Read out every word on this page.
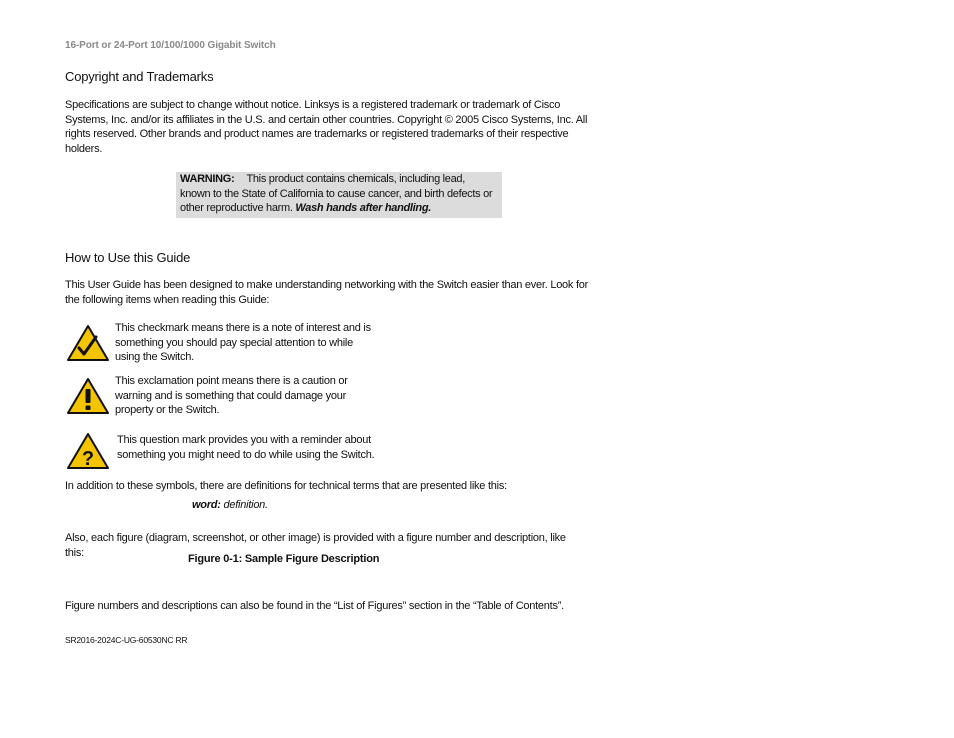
16-Port or 24-Port 10/100/1000 Gigabit Switch
Copyright and Trademarks
Specifications are subject to change without notice. Linksys is a registered trademark or trademark of Cisco Systems, Inc. and/or its affiliates in the U.S. and certain other countries. Copyright © 2005 Cisco Systems, Inc. All rights reserved. Other brands and product names are trademarks or registered trademarks of their respective holders.
WARNING: This product contains chemicals, including lead, known to the State of California to cause cancer, and birth defects or other reproductive harm. Wash hands after handling.
How to Use this Guide
This User Guide has been designed to make understanding networking with the Switch easier than ever. Look for the following items when reading this Guide:
This checkmark means there is a note of interest and is something you should pay special attention to while using the Switch.
This exclamation point means there is a caution or warning and is something that could damage your property or the Switch.
?
This question mark provides you with a reminder about something you might need to do while using the Switch.
In addition to these symbols, there are definitions for technical terms that are presented like this:
word: definition.
Also, each figure (diagram, screenshot, or other image) is provided with a figure number and description, like this:
Figure 0-1: Sample Figure Description
Figure numbers and descriptions can also be found in the “List of Figures” section in the “Table of Contents”.
SR2016-2024C-UG-60530NC RR
